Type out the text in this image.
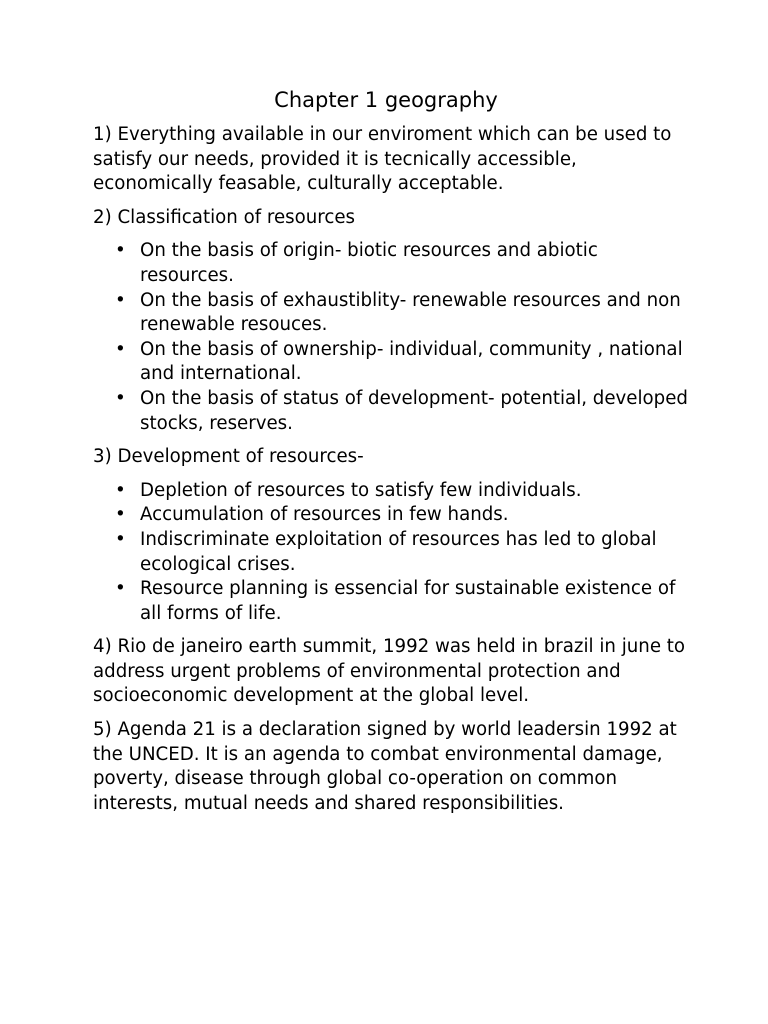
Chapter 1 geography

1) Everything available in our enviroment which can be used to satisfy our needs, provided it is tecnically accessible, economically feasable, culturally acceptable.

2) Classification of resources

• On the basis of origin- biotic resources and abiotic resources.
• On the basis of exhaustiblity- renewable resources and non renewable resouces.
• On the basis of ownership- individual, community , national and international.
• On the basis of status of development- potential, developed stocks, reserves.

3) Development of resources-

• Depletion of resources to satisfy few individuals.
• Accumulation of resources in few hands.
• Indiscriminate exploitation of resources has led to global ecological crises.
• Resource planning is essencial for sustainable existence of all forms of life.

4) Rio de janeiro earth summit, 1992 was held in brazil in june to address urgent problems of environmental protection and socioeconomic development at the global level.

5) Agenda 21 is a declaration signed by world leadersin 1992 at the UNCED. It is an agenda to combat environmental damage, poverty, disease through global co-operation on common interests, mutual needs and shared responsibilities.
